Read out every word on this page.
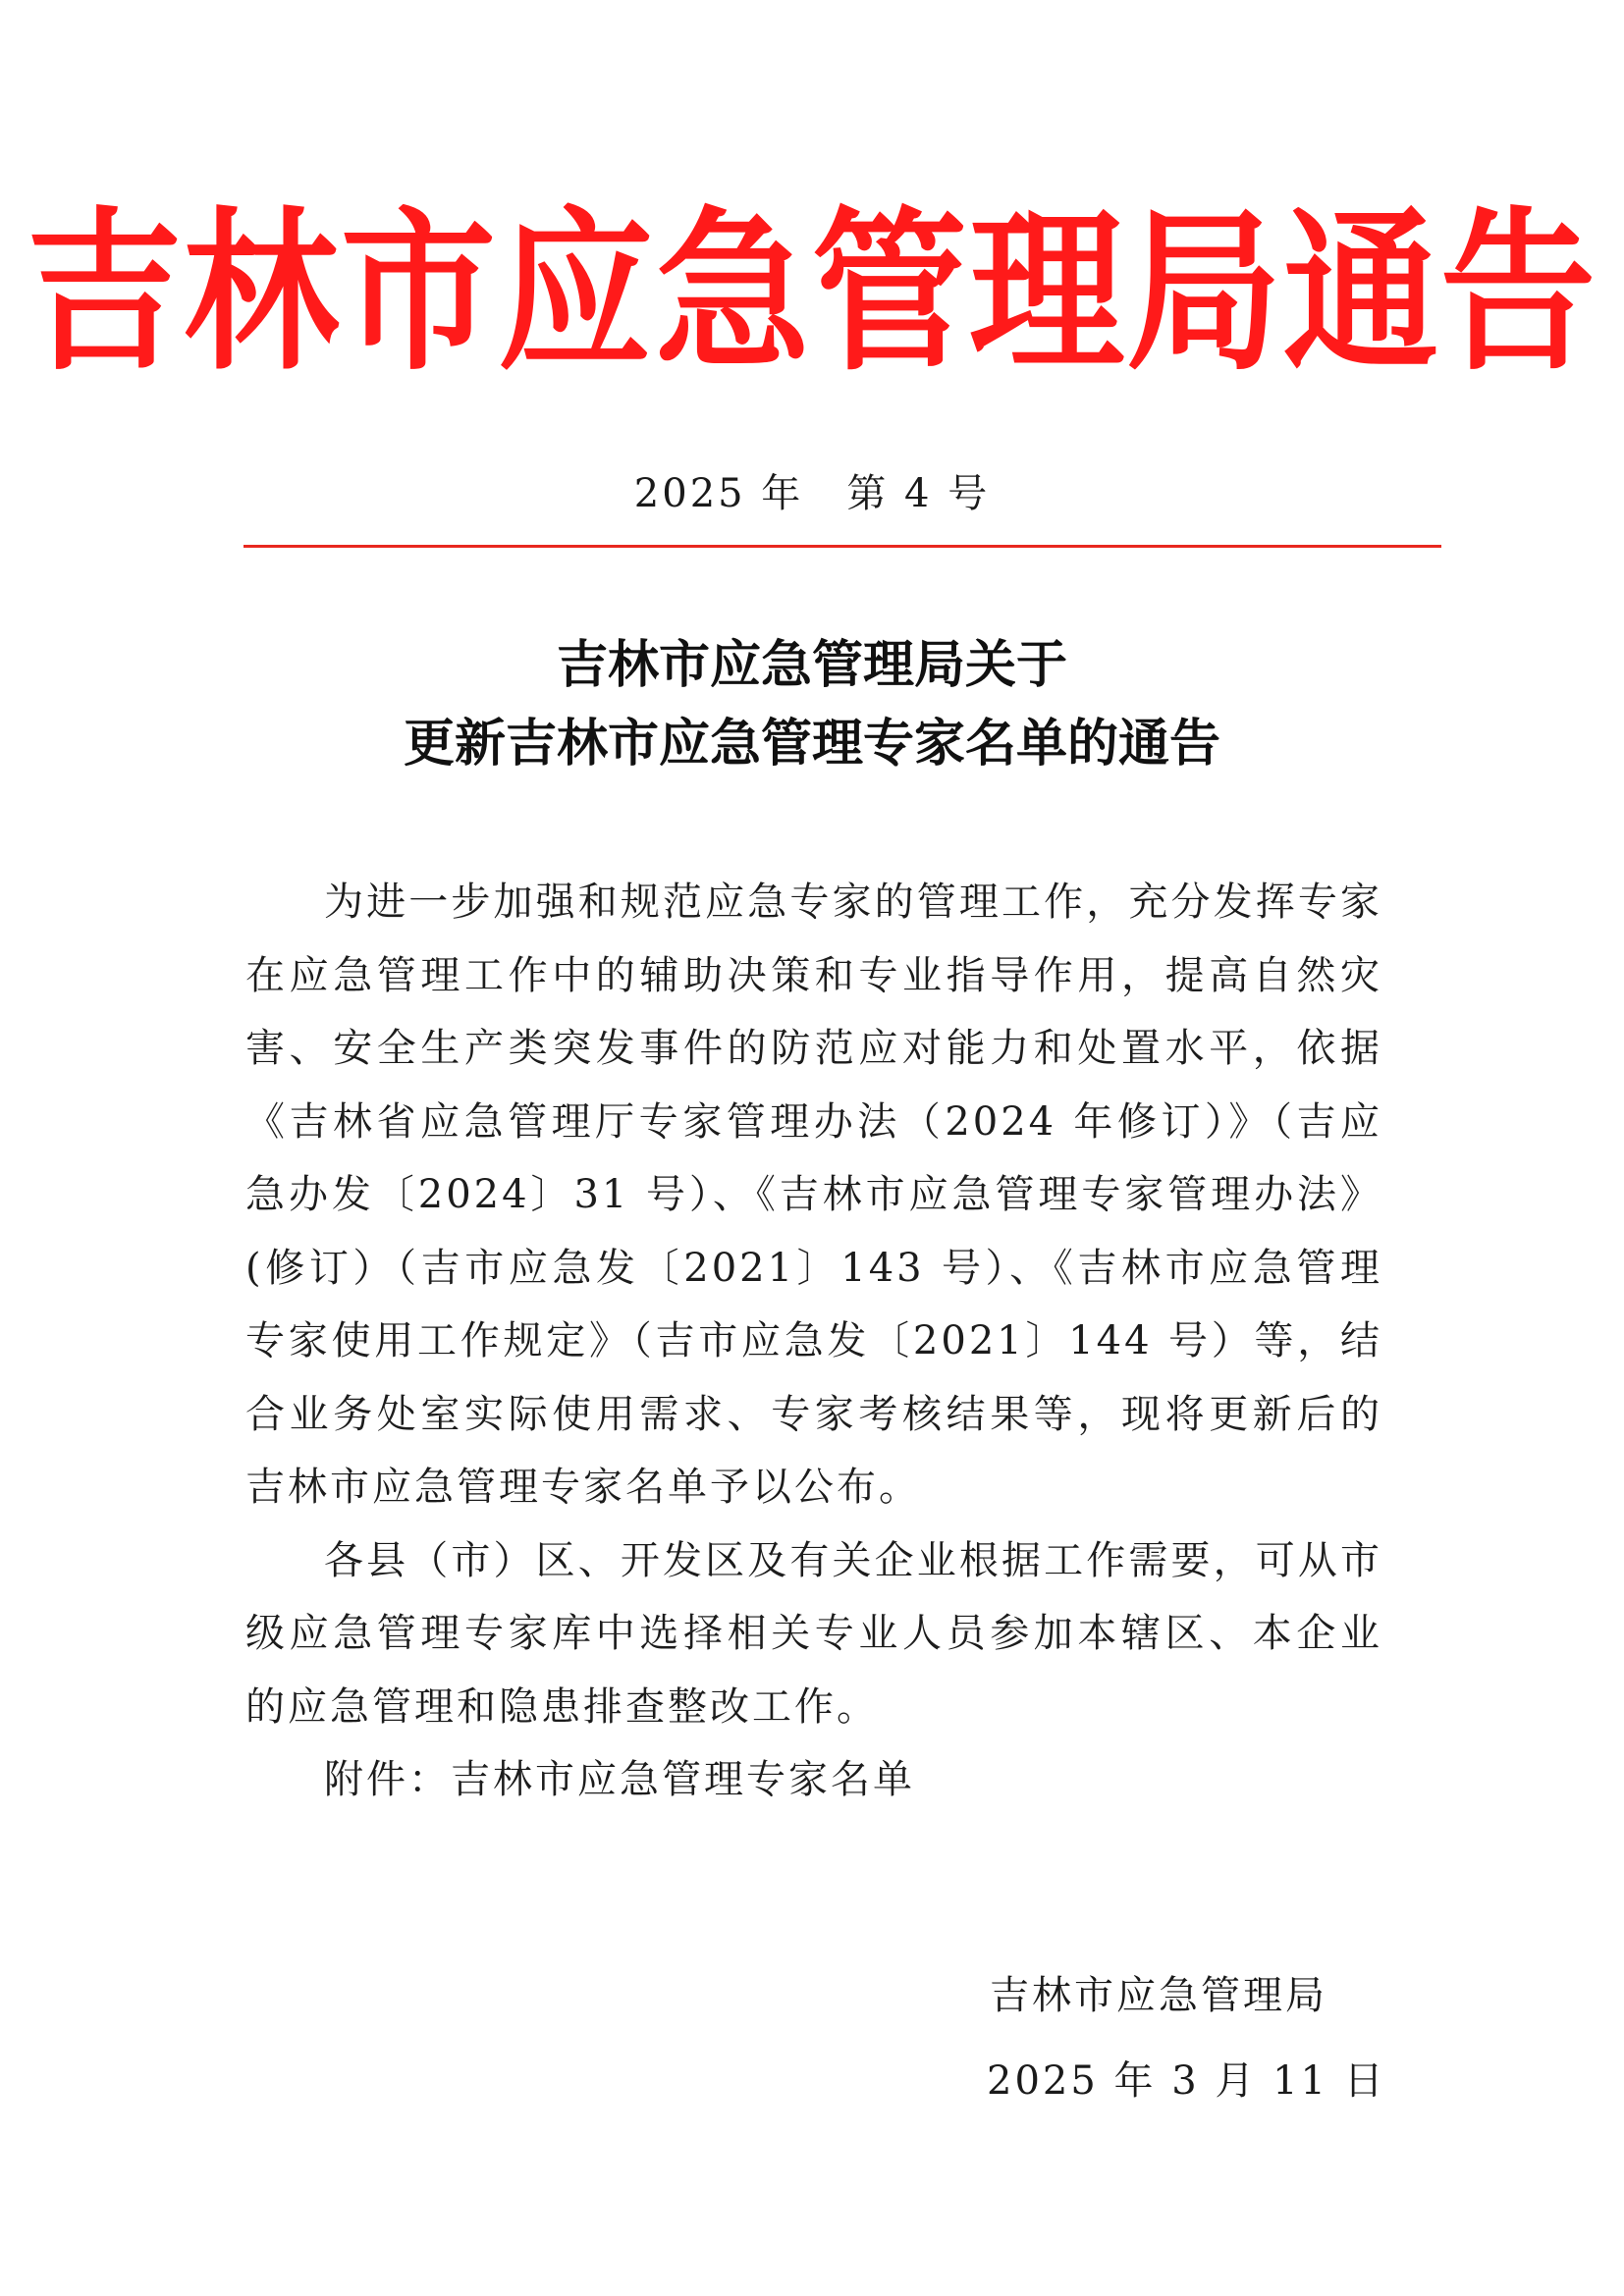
吉林市应急管理局通告
2025 年 第 4 号
吉林市应急管理局关于
更新吉林市应急管理专家名单的通告

为进一步加强和规范应急专家的管理工作，充分发挥专家在应急管理工作中的辅助决策和专业指导作用，提高自然灾害、安全生产类突发事件的防范应对能力和处置水平，依据《吉林省应急管理厅专家管理办法（2024 年修订）》（吉应急办发〔2024〕31 号）、《吉林市应急管理专家管理办法》(修订）（吉市应急发〔2021〕143 号）、《吉林市应急管理专家使用工作规定》（吉市应急发〔2021〕144 号）等，结合业务处室实际使用需求、专家考核结果等，现将更新后的吉林市应急管理专家名单予以公布。

各县（市）区、开发区及有关企业根据工作需要，可从市级应急管理专家库中选择相关专业人员参加本辖区、本企业的应急管理和隐患排查整改工作。

附件：吉林市应急管理专家名单

吉林市应急管理局
2025 年 3 月 11 日
